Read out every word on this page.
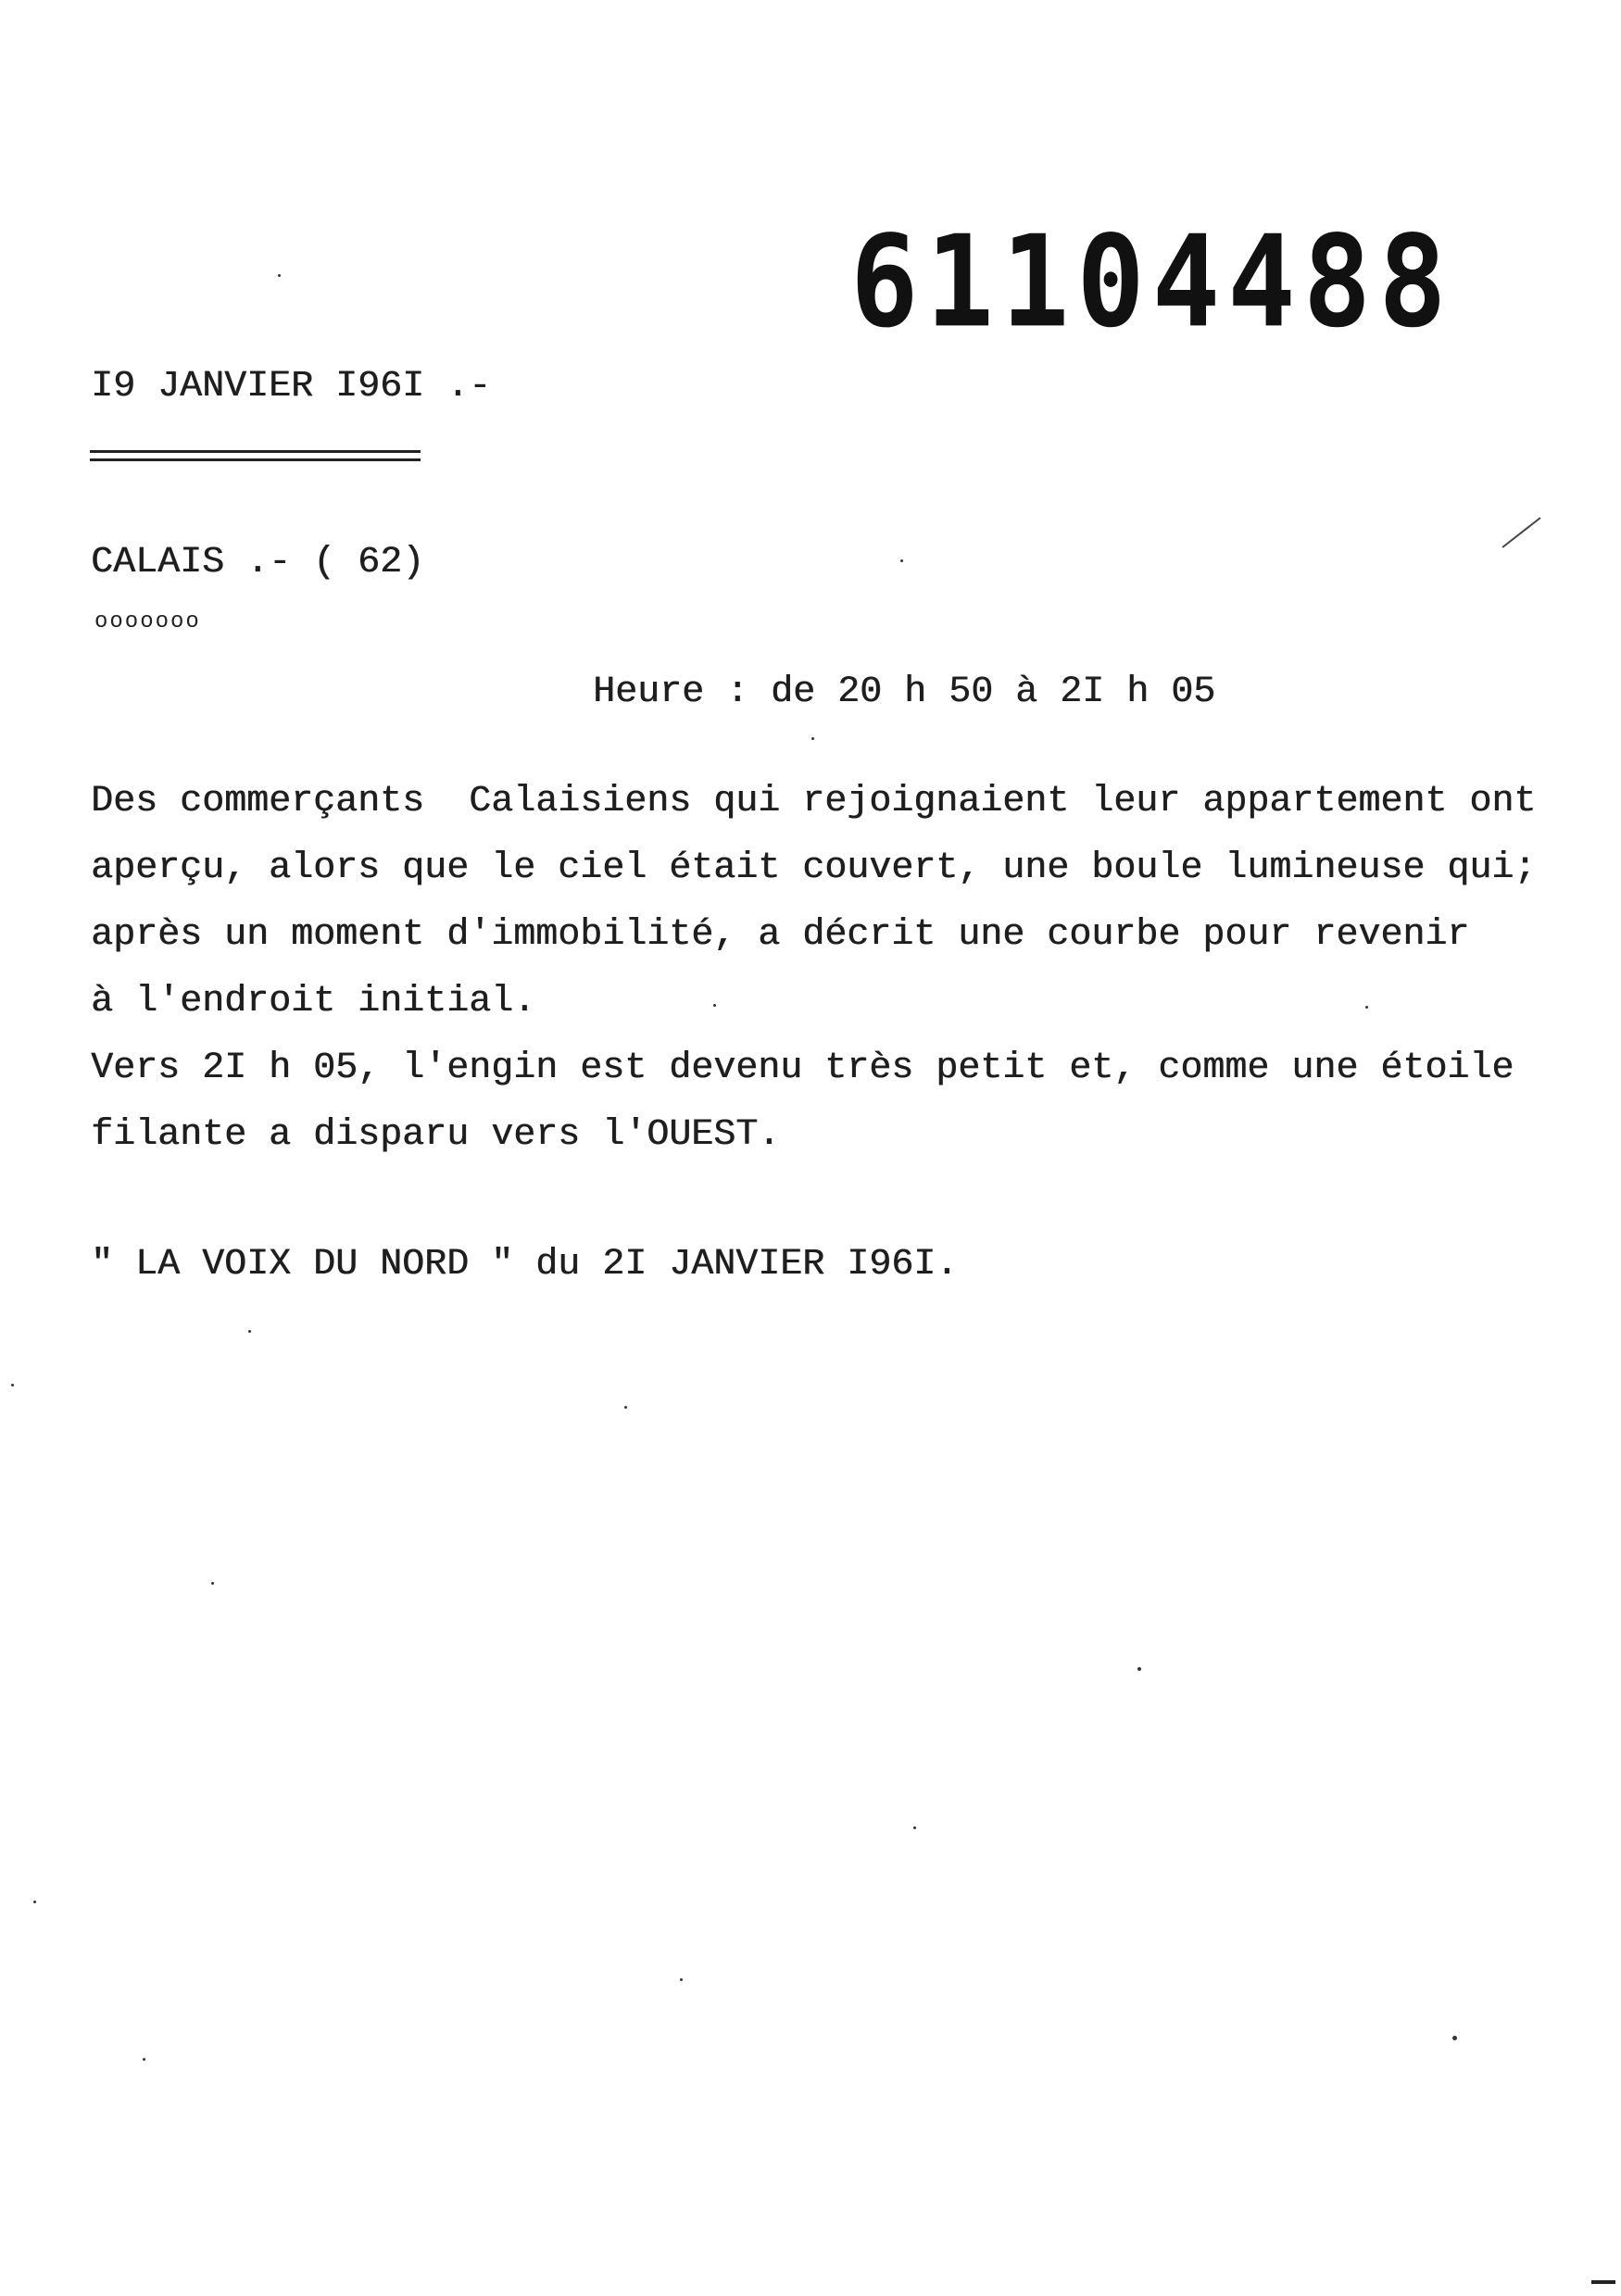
61104488
I9 JANVIER I96I .-
CALAIS .- ( 62)
ooooooo
Heure : de 20 h 50 à 2I h 05
Des commerçants  Calaisiens qui rejoignaient leur appartement ont
aperçu, alors que le ciel était couvert, une boule lumineuse qui;
après un moment d'immobilité, a décrit une courbe pour revenir
à l'endroit initial.
Vers 2I h 05, l'engin est devenu très petit et, comme une étoile
filante a disparu vers l'OUEST.
" LA VOIX DU NORD " du 2I JANVIER I96I.
